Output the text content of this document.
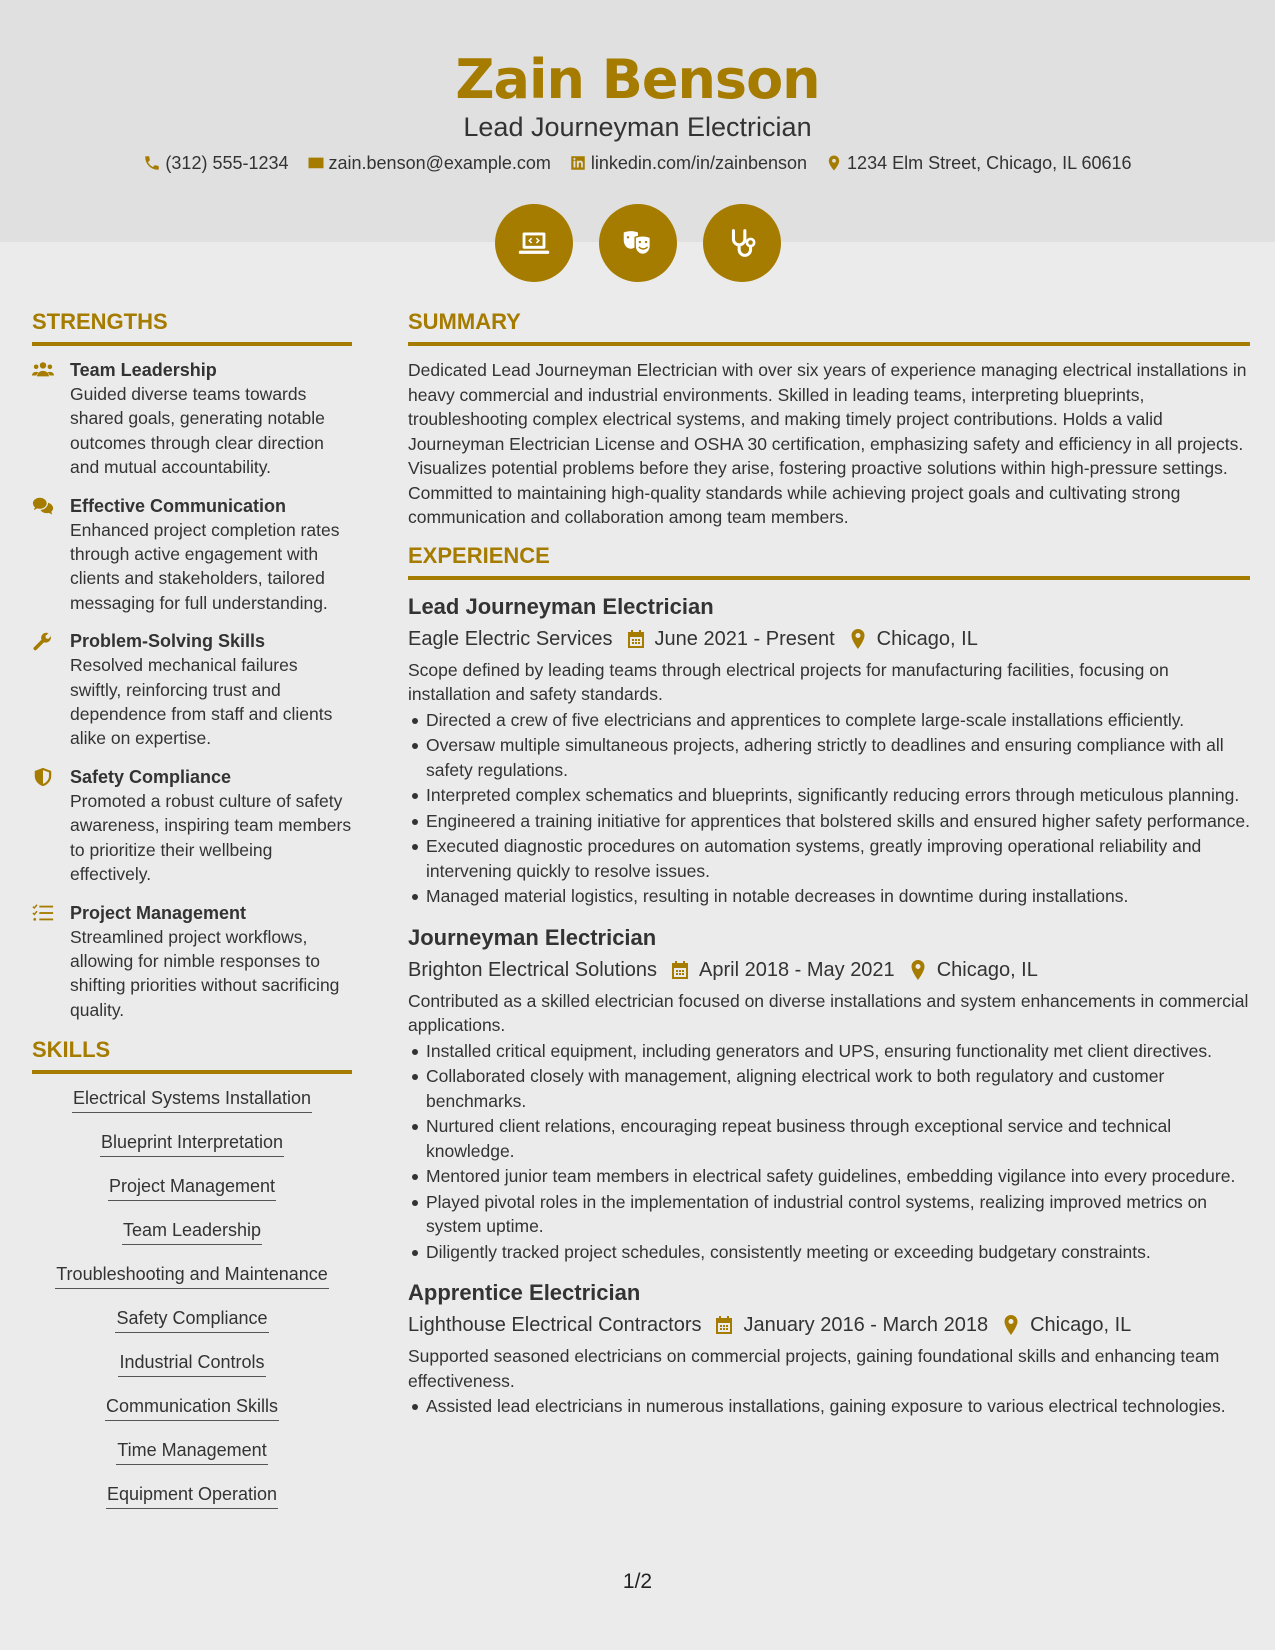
Zain Benson
Lead Journeyman Electrician
(312) 555-1234 zain.benson@example.com linkedin.com/in/zainbenson 1234 Elm Street, Chicago, IL 60616
STRENGTHS
Team Leadership
Guided diverse teams towards shared goals, generating notable outcomes through clear direction and mutual accountability.
Effective Communication
Enhanced project completion rates through active engagement with clients and stakeholders, tailored messaging for full understanding.
Problem-Solving Skills
Resolved mechanical failures swiftly, reinforcing trust and dependence from staff and clients alike on expertise.
Safety Compliance
Promoted a robust culture of safety awareness, inspiring team members to prioritize their wellbeing effectively.
Project Management
Streamlined project workflows, allowing for nimble responses to shifting priorities without sacrificing quality.
SKILLS
Electrical Systems Installation
Blueprint Interpretation
Project Management
Team Leadership
Troubleshooting and Maintenance
Safety Compliance
Industrial Controls
Communication Skills
Time Management
Equipment Operation
SUMMARY
Dedicated Lead Journeyman Electrician with over six years of experience managing electrical installations in heavy commercial and industrial environments. Skilled in leading teams, interpreting blueprints, troubleshooting complex electrical systems, and making timely project contributions. Holds a valid Journeyman Electrician License and OSHA 30 certification, emphasizing safety and efficiency in all projects. Visualizes potential problems before they arise, fostering proactive solutions within high-pressure settings. Committed to maintaining high-quality standards while achieving project goals and cultivating strong communication and collaboration among team members.
EXPERIENCE
Lead Journeyman Electrician
Eagle Electric Services June 2021 - Present Chicago, IL
Scope defined by leading teams through electrical projects for manufacturing facilities, focusing on installation and safety standards.
Directed a crew of five electricians and apprentices to complete large-scale installations efficiently.
Oversaw multiple simultaneous projects, adhering strictly to deadlines and ensuring compliance with all safety regulations.
Interpreted complex schematics and blueprints, significantly reducing errors through meticulous planning.
Engineered a training initiative for apprentices that bolstered skills and ensured higher safety performance.
Executed diagnostic procedures on automation systems, greatly improving operational reliability and intervening quickly to resolve issues.
Managed material logistics, resulting in notable decreases in downtime during installations.
Journeyman Electrician
Brighton Electrical Solutions April 2018 - May 2021 Chicago, IL
Contributed as a skilled electrician focused on diverse installations and system enhancements in commercial applications.
Installed critical equipment, including generators and UPS, ensuring functionality met client directives.
Collaborated closely with management, aligning electrical work to both regulatory and customer benchmarks.
Nurtured client relations, encouraging repeat business through exceptional service and technical knowledge.
Mentored junior team members in electrical safety guidelines, embedding vigilance into every procedure.
Played pivotal roles in the implementation of industrial control systems, realizing improved metrics on system uptime.
Diligently tracked project schedules, consistently meeting or exceeding budgetary constraints.
Apprentice Electrician
Lighthouse Electrical Contractors January 2016 - March 2018 Chicago, IL
Supported seasoned electricians on commercial projects, gaining foundational skills and enhancing team effectiveness.
Assisted lead electricians in numerous installations, gaining exposure to various electrical technologies.
1/2
